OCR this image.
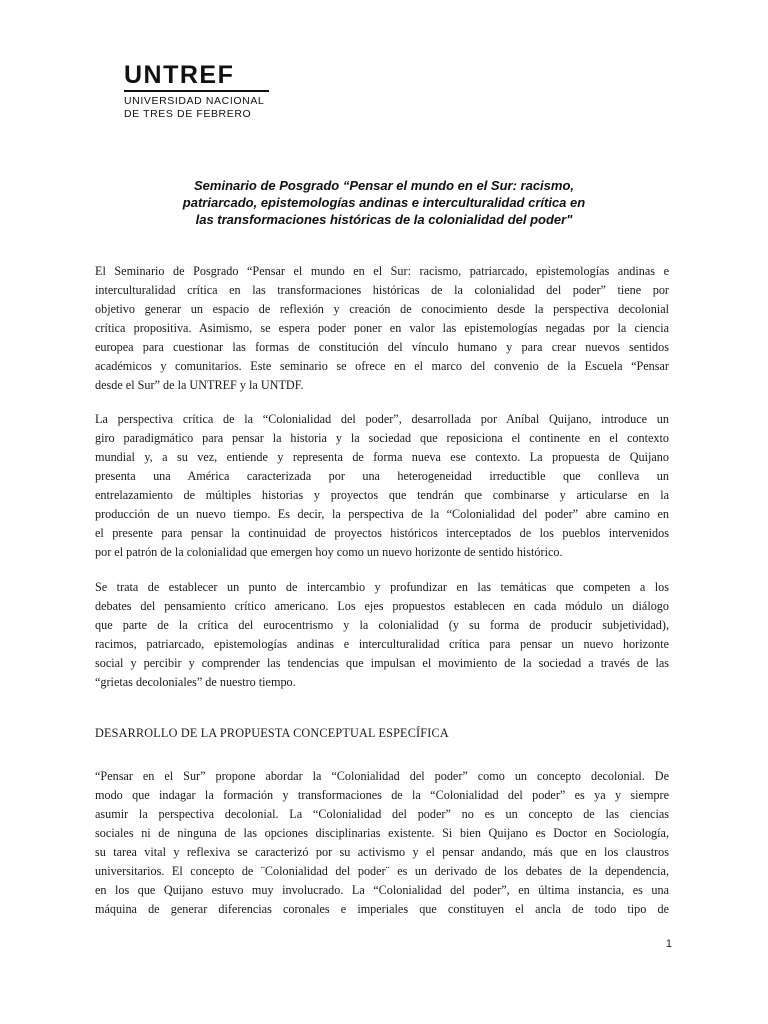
UNTREF
UNIVERSIDAD NACIONAL
DE TRES DE FEBRERO
Seminario de Posgrado “Pensar el mundo en el Sur: racismo,
patriarcado, epistemologías andinas e interculturalidad crítica en
las transformaciones históricas de la colonialidad del poder"
El Seminario de Posgrado “Pensar el mundo en el Sur: racismo, patriarcado, epistemologías andinas e
interculturalidad crítica en las transformaciones históricas de la colonialidad del poder” tiene por
objetivo generar un espacio de reflexión y creación de conocimiento desde la perspectiva decolonial
crítica propositiva. Asimismo, se espera poder poner en valor las epistemologías negadas por la ciencia
europea para cuestionar las formas de constitución del vínculo humano y para crear nuevos sentidos
académicos y comunitarios. Este seminario se ofrece en el marco del convenio de la Escuela “Pensar
desde el Sur” de la UNTREF y la UNTDF.
La perspectiva crítica de la “Colonialidad del poder”, desarrollada por Aníbal Quijano, introduce un
giro paradigmático para pensar la historia y la sociedad que reposiciona el continente en el contexto
mundial y, a su vez, entiende y representa de forma nueva ese contexto. La propuesta de Quijano
presenta una América caracterizada por una heterogeneidad irreductible que conlleva un
entrelazamiento de múltiples historias y proyectos que tendrán que combinarse y articularse en la
producción de un nuevo tiempo. Es decir, la perspectiva de la “Colonialidad del poder” abre camino en
el presente para pensar la continuidad de proyectos históricos interceptados de los pueblos intervenidos
por el patrón de la colonialidad que emergen hoy como un nuevo horizonte de sentido histórico.
Se trata de establecer un punto de intercambio y profundizar en las temáticas que competen a los
debates del pensamiento crítico americano. Los ejes propuestos establecen en cada módulo un diálogo
que parte de la crítica del eurocentrismo y la colonialidad (y su forma de producir subjetividad),
racimos, patriarcado, epistemologías andinas e interculturalidad crítica para pensar un nuevo horizonte
social y percibir y comprender las tendencias que impulsan el movimiento de la sociedad a través de las
“grietas decoloniales” de nuestro tiempo.
DESARROLLO DE LA PROPUESTA CONCEPTUAL ESPECÍFICA
“Pensar en el Sur” propone abordar la “Colonialidad del poder” como un concepto decolonial. De
modo que indagar la formación y transformaciones de la “Colonialidad del poder” es ya y siempre
asumir la perspectiva decolonial. La “Colonialidad del poder” no es un concepto de las ciencias
sociales ni de ninguna de las opciones disciplinarias existente. Si bien Quijano es Doctor en Sociología,
su tarea vital y reflexiva se caracterizó por su activismo y el pensar andando, más que en los claustros
universitarios. El concepto de ¨Colonialidad del poder¨ es un derivado de los debates de la dependencia,
en los que Quijano estuvo muy involucrado. La “Colonialidad del poder”, en última instancia, es una
máquina de generar diferencias coronales e imperiales que constituyen el ancla de todo tipo de
1
